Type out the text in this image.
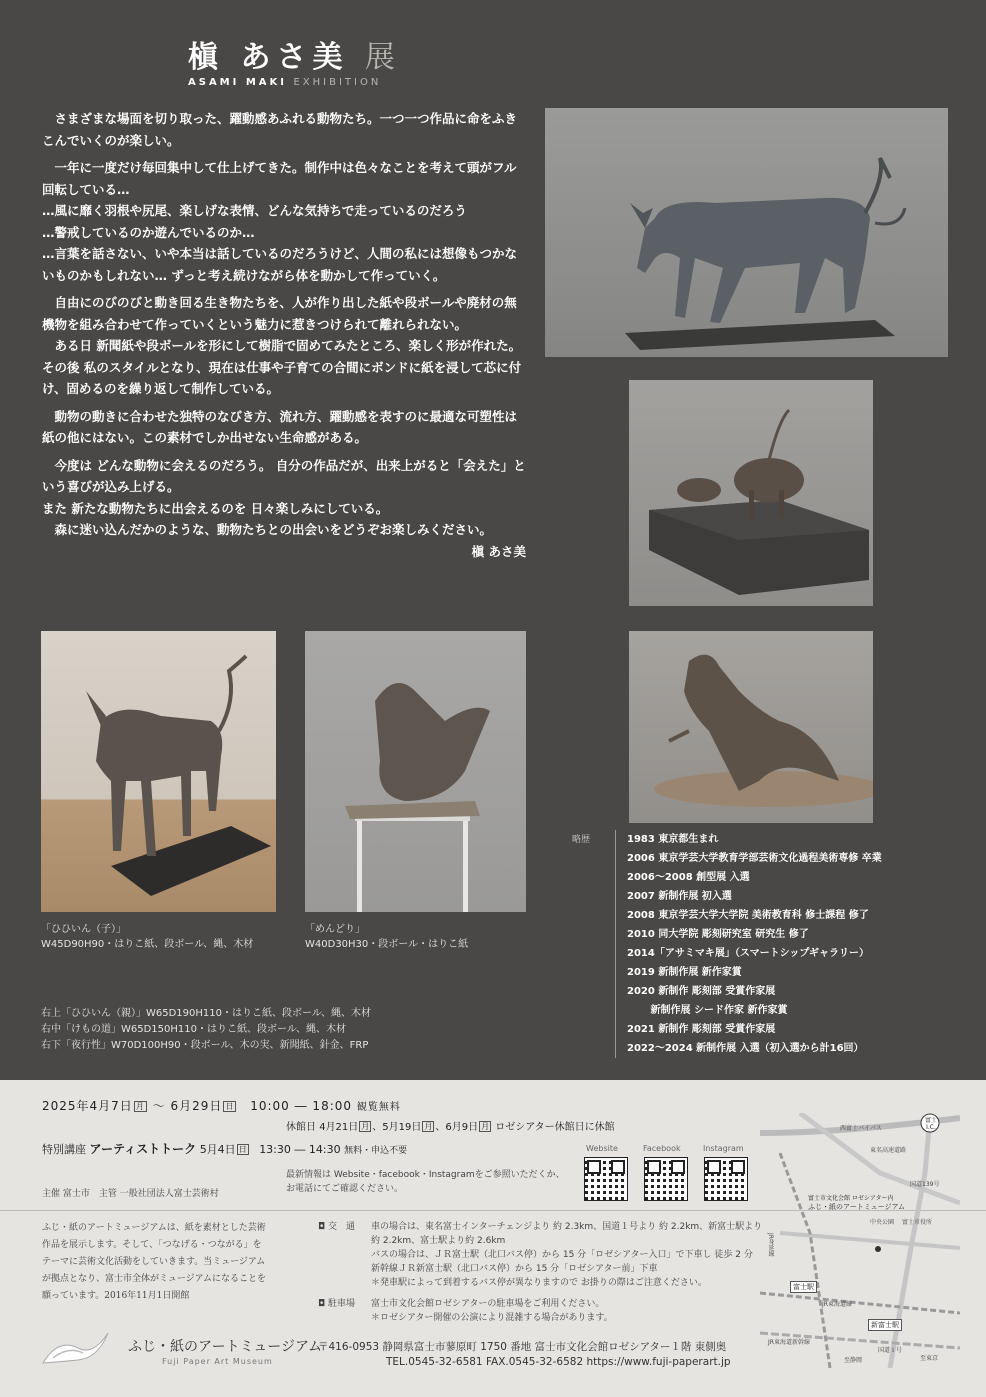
槇 あさ美 展
ASAMI MAKI EXHIBITION

さまざまな場面を切り取った、躍動感あふれる動物たち。一つ一つ作品に命をふきこんでいくのが楽しい。

一年に一度だけ毎回集中して仕上げてきた。制作中は色々なことを考えて頭がフル回転している…

…風に靡く羽根や尻尾、楽しげな表情、どんな気持ちで走っているのだろう

…警戒しているのか遊んでいるのか…

…言葉を話さない、いや本当は話しているのだろうけど、人間の私には想像もつかないものかもしれない… ずっと考え続けながら体を動かして作っていく。

自由にのびのびと動き回る生き物たちを、人が作り出した紙や段ボールや廃材の無機物を組み合わせて作っていくという魅力に惹きつけられて離れられない。

ある日 新聞紙や段ボールを形にして樹脂で固めてみたところ、楽しく形が作れた。その後 私のスタイルとなり、現在は仕事や子育ての合間にボンドに紙を浸して芯に付け、固めるのを繰り返して制作している。

動物の動きに合わせた独特のなびき方、流れ方、躍動感を表すのに最適な可塑性は紙の他にはない。この素材でしか出せない生命感がある。

今度は どんな動物に会えるのだろう。 自分の作品だが、出来上がると「会えた」という喜びが込み上げる。

また 新たな動物たちに出会えるのを 日々楽しみにしている。

森に迷い込んだかのような、動物たちとの出会いをどうぞお楽しみください。

槇 あさ美

「ひひいん（子）」
W45D90H90・はりこ紙、段ボール、縄、木材
「めんどり」
W40D30H30・段ボール・はりこ紙
右上「ひひいん（親）」W65D190H110・はりこ紙、段ボール、縄、木材
右中「けもの道」W65D150H110・はりこ紙、段ボール、縄、木材
右下「夜行性」W70D100H90・段ボール、木の実、新聞紙、針金、FRP
略歴	1983 東京都生まれ
2006 東京学芸大学教育学部芸術文化過程美術専修 卒業
2006～2008 創型展 入選
2007 新制作展 初入選
2008 東京学芸大学大学院 美術教育科 修士課程 修了
2010 同大学院 彫刻研究室 研究生 修了
2014「アサミマキ展」（スマートシップギャラリー）
2019 新制作展 新作家賞
2020 新制作 彫刻部 受賞作家展
　　 新制作展 シード作家 新作家賞
2021 新制作 彫刻部 受賞作家展
2022～2024 新制作展 入選（初入選から計16回）
2025年4月7日 月 ～ 6月29日 日 10:00 ― 18:00 観覧無料
休館日 4月21日 月 、5月19日 月 、6月9日 月 ロゼシアター休館日に休館
特別講座 アーティストトーク 5月4日 日 13:30 ― 14:30 無料・申込不要
最新情報は Website・facebook・Instagramをご参照いただくか、
お電話にてご確認ください。
主催 富士市　主管 一般社団法人富士芸術村
Website	Facebook	Instagram
ふじ・紙のアートミュージアムは、紙を素材とした芸術
作品を展示します。そして、「つなげる・つながる」を
テーマに芸術文化活動をしていきます。当ミュージアム
が拠点となり、富士市全体がミュージアムになることを
願っています。2016年11月1日開館
◘ 交　通 車の場合は、東名富士インターチェンジより 約 2.3km、国道１号より 約 2.2km、新富士駅より
約 2.2km、富士駅より約 2.6km
バスの場合は、ＪＲ富士駅（北口バス停）から 15 分「ロゼシアター入口」で下車し 徒歩 2 分
新幹線ＪＲ新富士駅（北口バス停）から 15 分「ロゼシアター前」下車
＊発車駅によって到着するバス停が異なりますので お掛りの際はご注意ください。
◘ 駐車場 富士市文化会館ロゼシアターの駐車場をご利用ください。
＊ロゼシアター開催の公演により混雑する場合があります。
ふじ・紙のアートミュージアム
Fuji Paper Art Museum
〒416-0953 静岡県富士市蓼原町 1750 番地 富士市文化会館ロゼシアター１階 東側奥
TEL.0545-32-6581 FAX.0545-32-6582 https://www.fuji-paperart.jp
西富士バイパス
富士 I.C.
東名高速道路
国道139号
富士市文化会館 ロゼシアター内
ふじ・紙のアートミュージアム
中央公園 富士市役所
JR身延線
富士駅
JR東海道線
新富士駅
JR東海道新幹線
国道１号
至静岡	至東京
